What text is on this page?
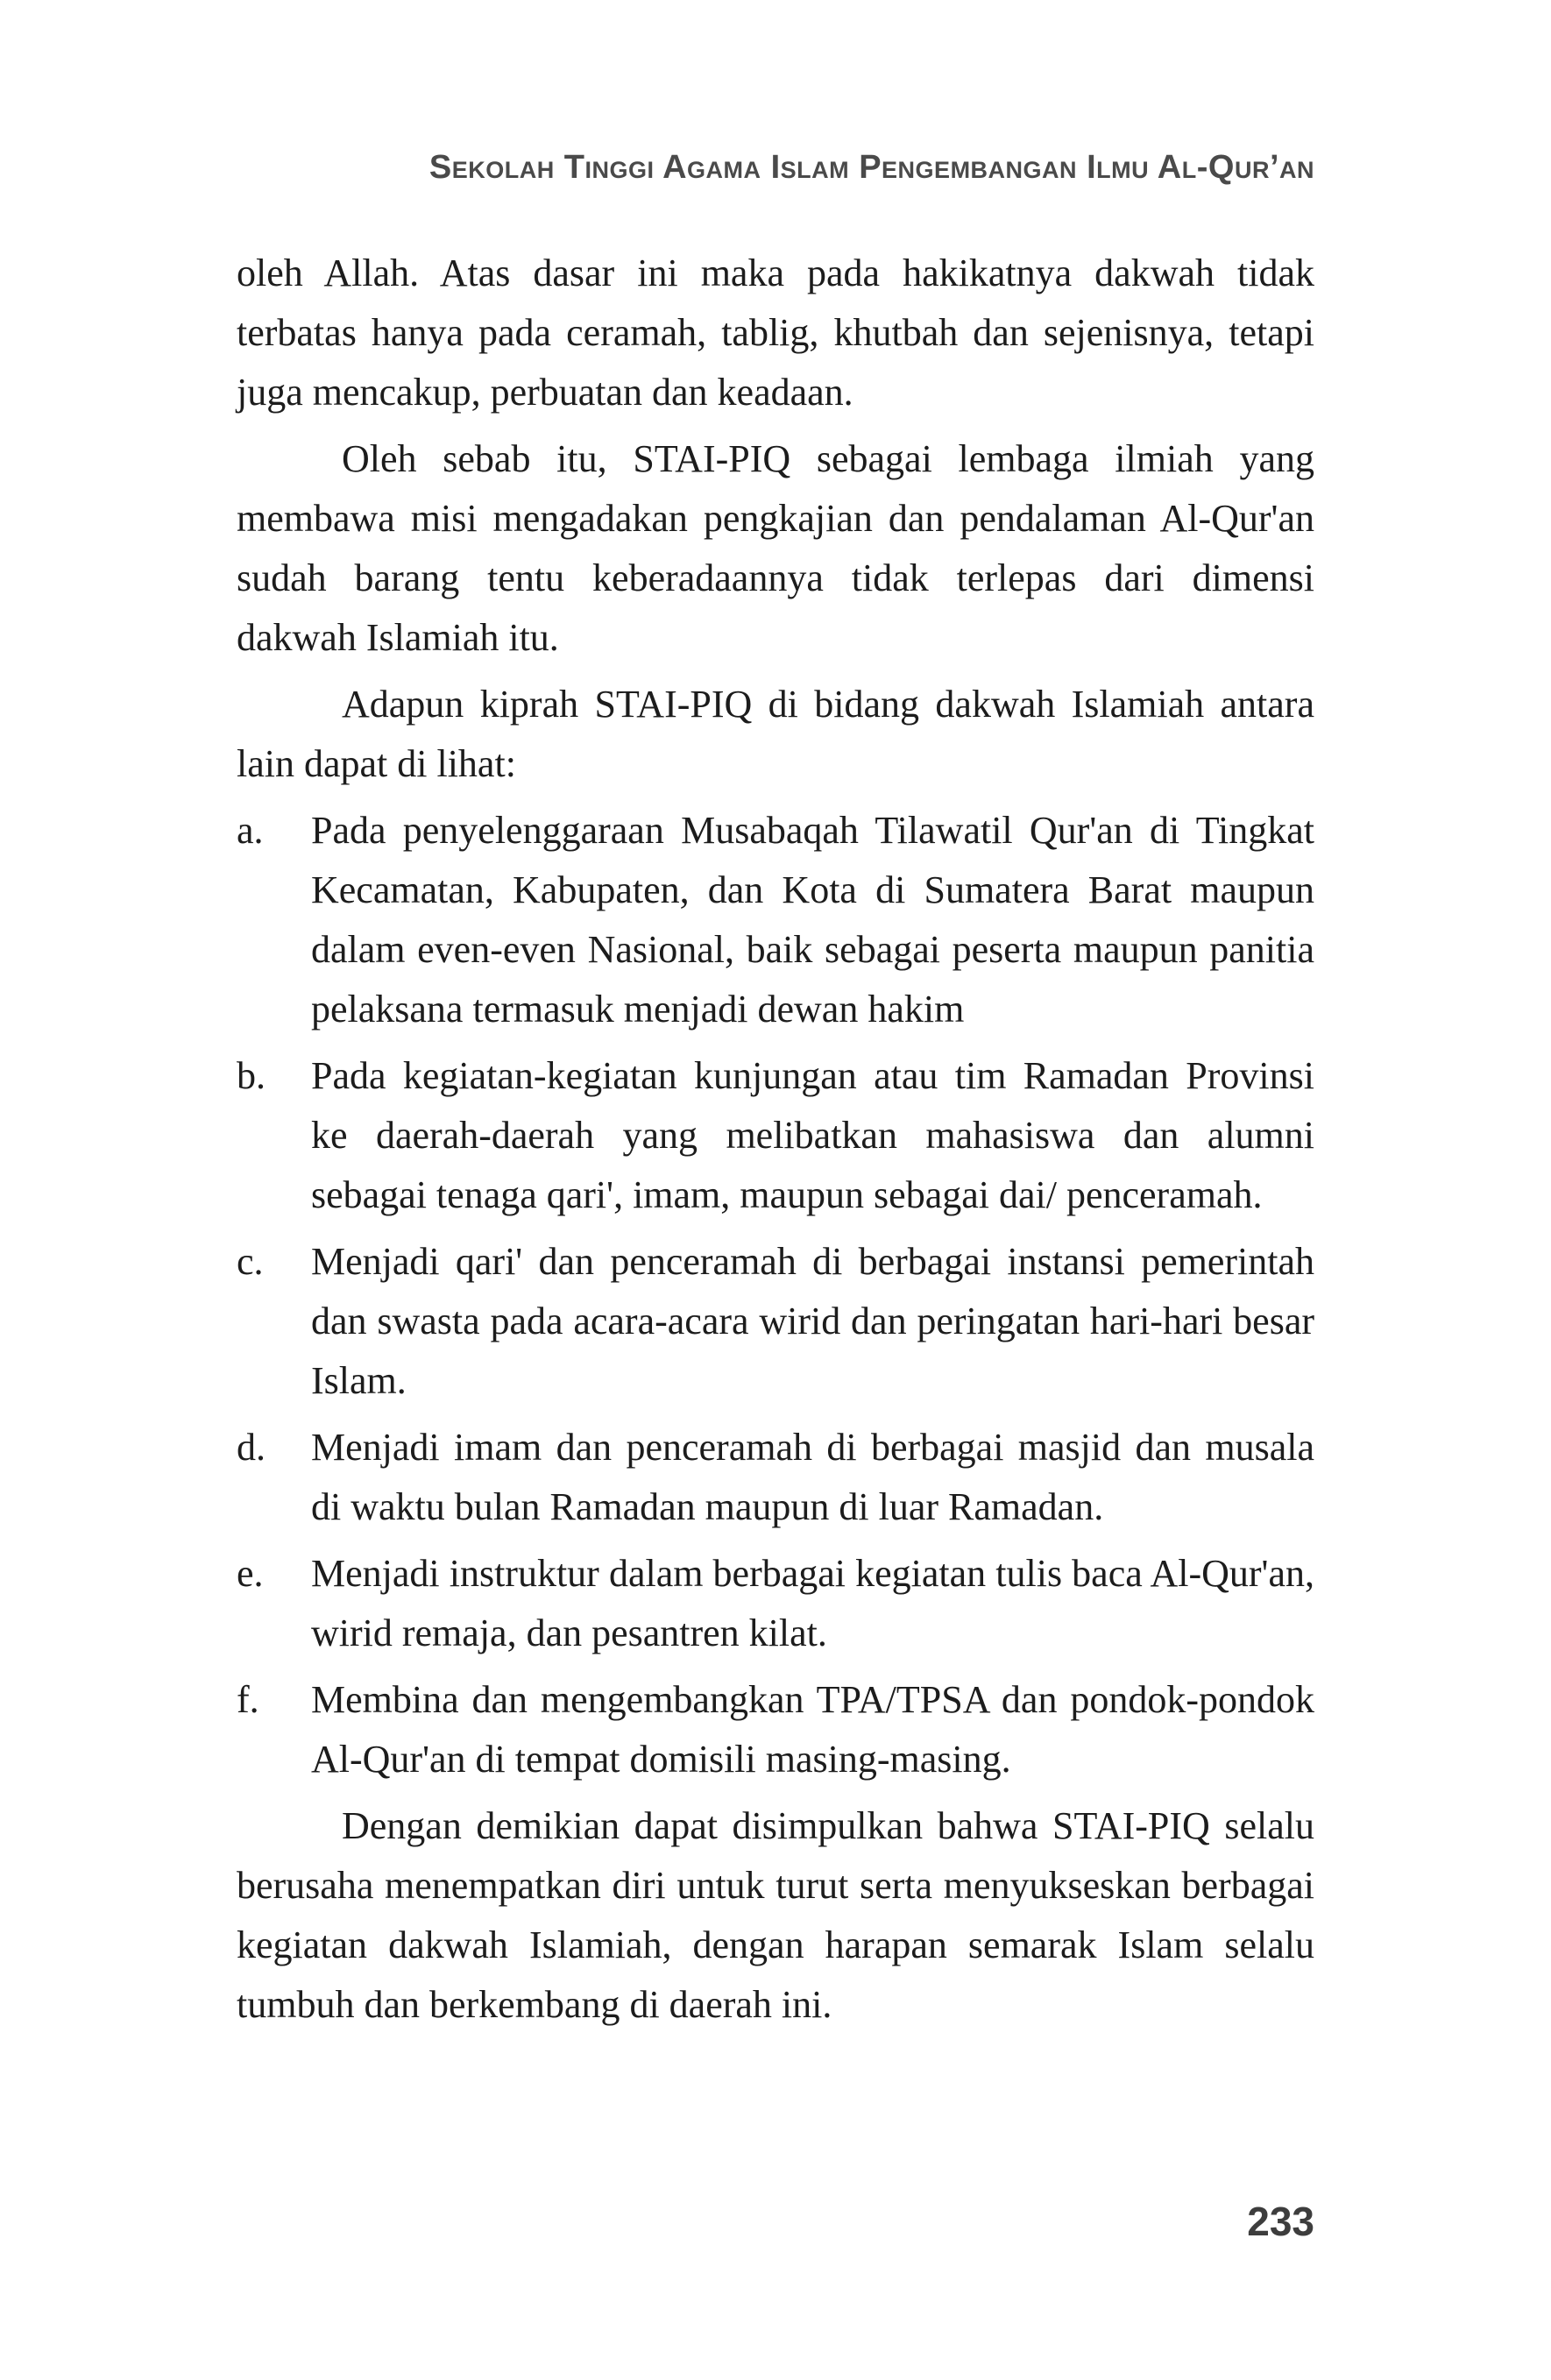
Sekolah Tinggi Agama Islam Pengembangan Ilmu Al-Qur’an

oleh Allah. Atas dasar ini maka pada hakikatnya dakwah tidak terbatas hanya pada ceramah, tablig, khutbah dan sejenisnya, tetapi juga mencakup, perbuatan dan keadaan.

Oleh sebab itu, STAI-PIQ sebagai lembaga ilmiah yang membawa misi mengadakan pengkajian dan pendalaman Al-Qur'an sudah barang tentu keberadaannya tidak terlepas dari dimensi dakwah Islamiah itu.

Adapun kiprah STAI-PIQ di bidang dakwah Islamiah antara lain dapat di lihat:

a. Pada penyelenggaraan Musabaqah Tilawatil Qur'an di Tingkat Kecamatan, Kabupaten, dan Kota di Sumatera Barat maupun dalam even-even Nasional, baik sebagai peserta maupun panitia pelaksana termasuk menjadi dewan hakim
b. Pada kegiatan-kegiatan kunjungan atau tim Ramadan Provinsi ke daerah-daerah yang melibatkan mahasiswa dan alumni sebagai tenaga qari', imam, maupun sebagai dai/ penceramah.
c. Menjadi qari' dan penceramah di berbagai instansi pemerintah dan swasta pada acara-acara wirid dan peringatan hari-hari besar Islam.
d. Menjadi imam dan penceramah di berbagai masjid dan musala di waktu bulan Ramadan maupun di luar Ramadan.
e. Menjadi instruktur dalam berbagai kegiatan tulis baca Al-Qur'an, wirid remaja, dan pesantren kilat.
f. Membina dan mengembangkan TPA/TPSA dan pondok-pondok Al-Qur'an di tempat domisili masing-masing.

Dengan demikian dapat disimpulkan bahwa STAI-PIQ selalu berusaha menempatkan diri untuk turut serta menyukseskan berbagai kegiatan dakwah Islamiah, dengan harapan semarak Islam selalu tumbuh dan berkembang di daerah ini.

233
